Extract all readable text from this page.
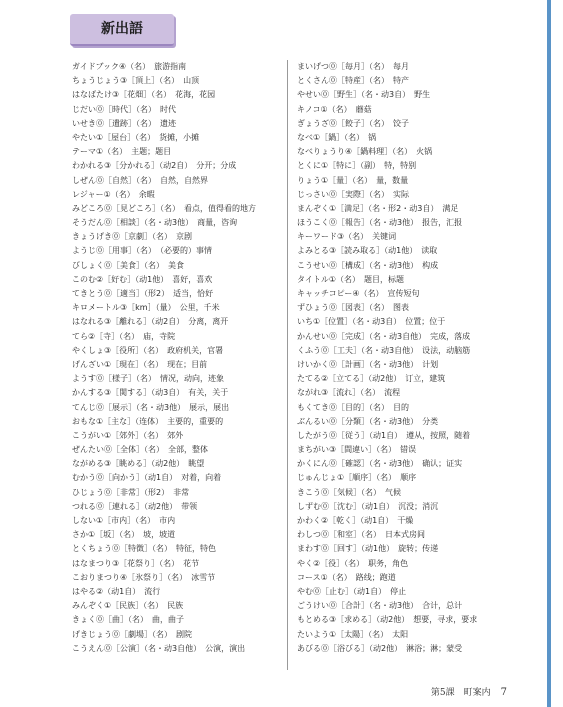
新出語
ガイドブック④（名）　旅游指南
ちょうじょう③［頂上］（名）　山顶
はなばたけ③［花畑］（名）　花海，花园
じだい⓪［時代］（名）　时代
いせき⓪［遺跡］（名）　遗迹
やたい①［屋台］（名）　货摊，小摊
テーマ①（名）　主题；题目
わかれる③［分かれる］（动2自）　分开；分成
しぜん⓪［自然］（名）　自然，自然界
レジャー①（名）　余暇
みどころ⓪［見どころ］（名）　看点，值得看的地方
そうだん⓪［相談］（名・动3他）　商量，咨询
きょうげき⓪［京劇］（名）　京剧
ようじ⓪［用事］（名）　（必要的）事情
びしょく⓪［美食］（名）　美食
このむ②［好む］（动1他）　喜好，喜欢
てきとう⓪［適当］（形2）　适当，恰好
キロメートル③［km］（量）　公里，千米
はなれる③［離れる］（动2自）　分离，离开
てら②［寺］（名）　庙，寺院
やくしょ③［役所］（名）　政府机关，官署
げんざい①［現在］（名）　现在；目前
ようす⓪［様子］（名）　情况，动向，迹象
かんする③［関する］（动3自）　有关，关于
てんじ⓪［展示］（名・动3他）　展示，展出
おもな①［主な］（连体）　主要的，重要的
こうがい①［郊外］（名）　郊外
ぜんたい⓪［全体］（名）　全部，整体
ながめる③［眺める］（动2他）　眺望
むかう⓪［向かう］（动1自）　对着，向着
ひじょう⓪［非常］（形2）　非常
つれる⓪［連れる］（动2他）　带领
しない①［市内］（名）　市内
さか①［坂］（名）　坡，坡道
とくちょう⓪［特徴］（名）　特征，特色
はなまつり③［花祭り］（名）　花节
こおりまつり④［氷祭り］（名）　冰雪节
はやる②（动1自）　流行
みんぞく①［民族］（名）　民族
きょく⓪［曲］（名）　曲，曲子
げきじょう⓪［劇場］（名）　剧院
こうえん⓪［公演］（名・动3自他）　公演，演出
まいげつ⓪［毎月］（名）　每月
とくさん⓪［特産］（名）　特产
やせい⓪［野生］（名・动3自）　野生
キノコ①（名）　蘑菇
ぎょうざ⓪［餃子］（名）　饺子
なべ①［鍋］（名）　锅
なべりょうり④［鍋料理］（名）　火锅
とくに①［特に］（副）　特，特别
りょう①［量］（名）　量，数量
じっさい⓪［実際］（名）　实际
まんぞく①［満足］（名・形2・动3自）　满足
ほうこく⓪［報告］（名・动3他）　报告，汇报
キーワード③（名）　关键词
よみとる③［読み取る］（动1他）　读取
こうせい⓪［構成］（名・动3他）　构成
タイトル①（名）　题目，标题
キャッチコピー④（名）　宣传短句
ずひょう⓪［図表］（名）　图表
いち①［位置］（名・动3自）　位置；位于
かんせい⓪［完成］（名・动3自他）　完成，落成
くふう⓪［工夫］（名・动3自他）　设法，动脑筋
けいかく⓪［計画］（名・动3他）　计划
たてる②［立てる］（动2他）　订立，建筑
ながれ③［流れ］（名）　流程
もくてき⓪［目的］（名）　目的
ぶんるい⓪［分類］（名・动3他）　分类
したがう⓪［従う］（动1自）　遵从，按照，随着
まちがい③［間違い］（名）　错误
かくにん⓪［確認］（名・动3他）　确认；证实
じゅんじょ①［順序］（名）　顺序
きこう⓪［気候］（名）　气候
しずむ⓪［沈む］（动1自）　沉没；消沉
かわく②［乾く］（动1自）　干燥
わしつ⓪［和室］（名）　日本式房间
まわす⓪［回す］（动1他）　旋转；传递
やく②［役］（名）　职务，角色
コース①（名）　路线；跑道
やむ⓪［止む］（动1自）　停止
ごうけい⓪［合計］（名・动3他）　合计，总计
もとめる③［求める］（动2他）　想要，寻求，要求
たいよう①［太陽］（名）　太阳
あびる⓪［浴びる］（动2他）　淋浴；淋；蒙受
第5課　町案内 7
